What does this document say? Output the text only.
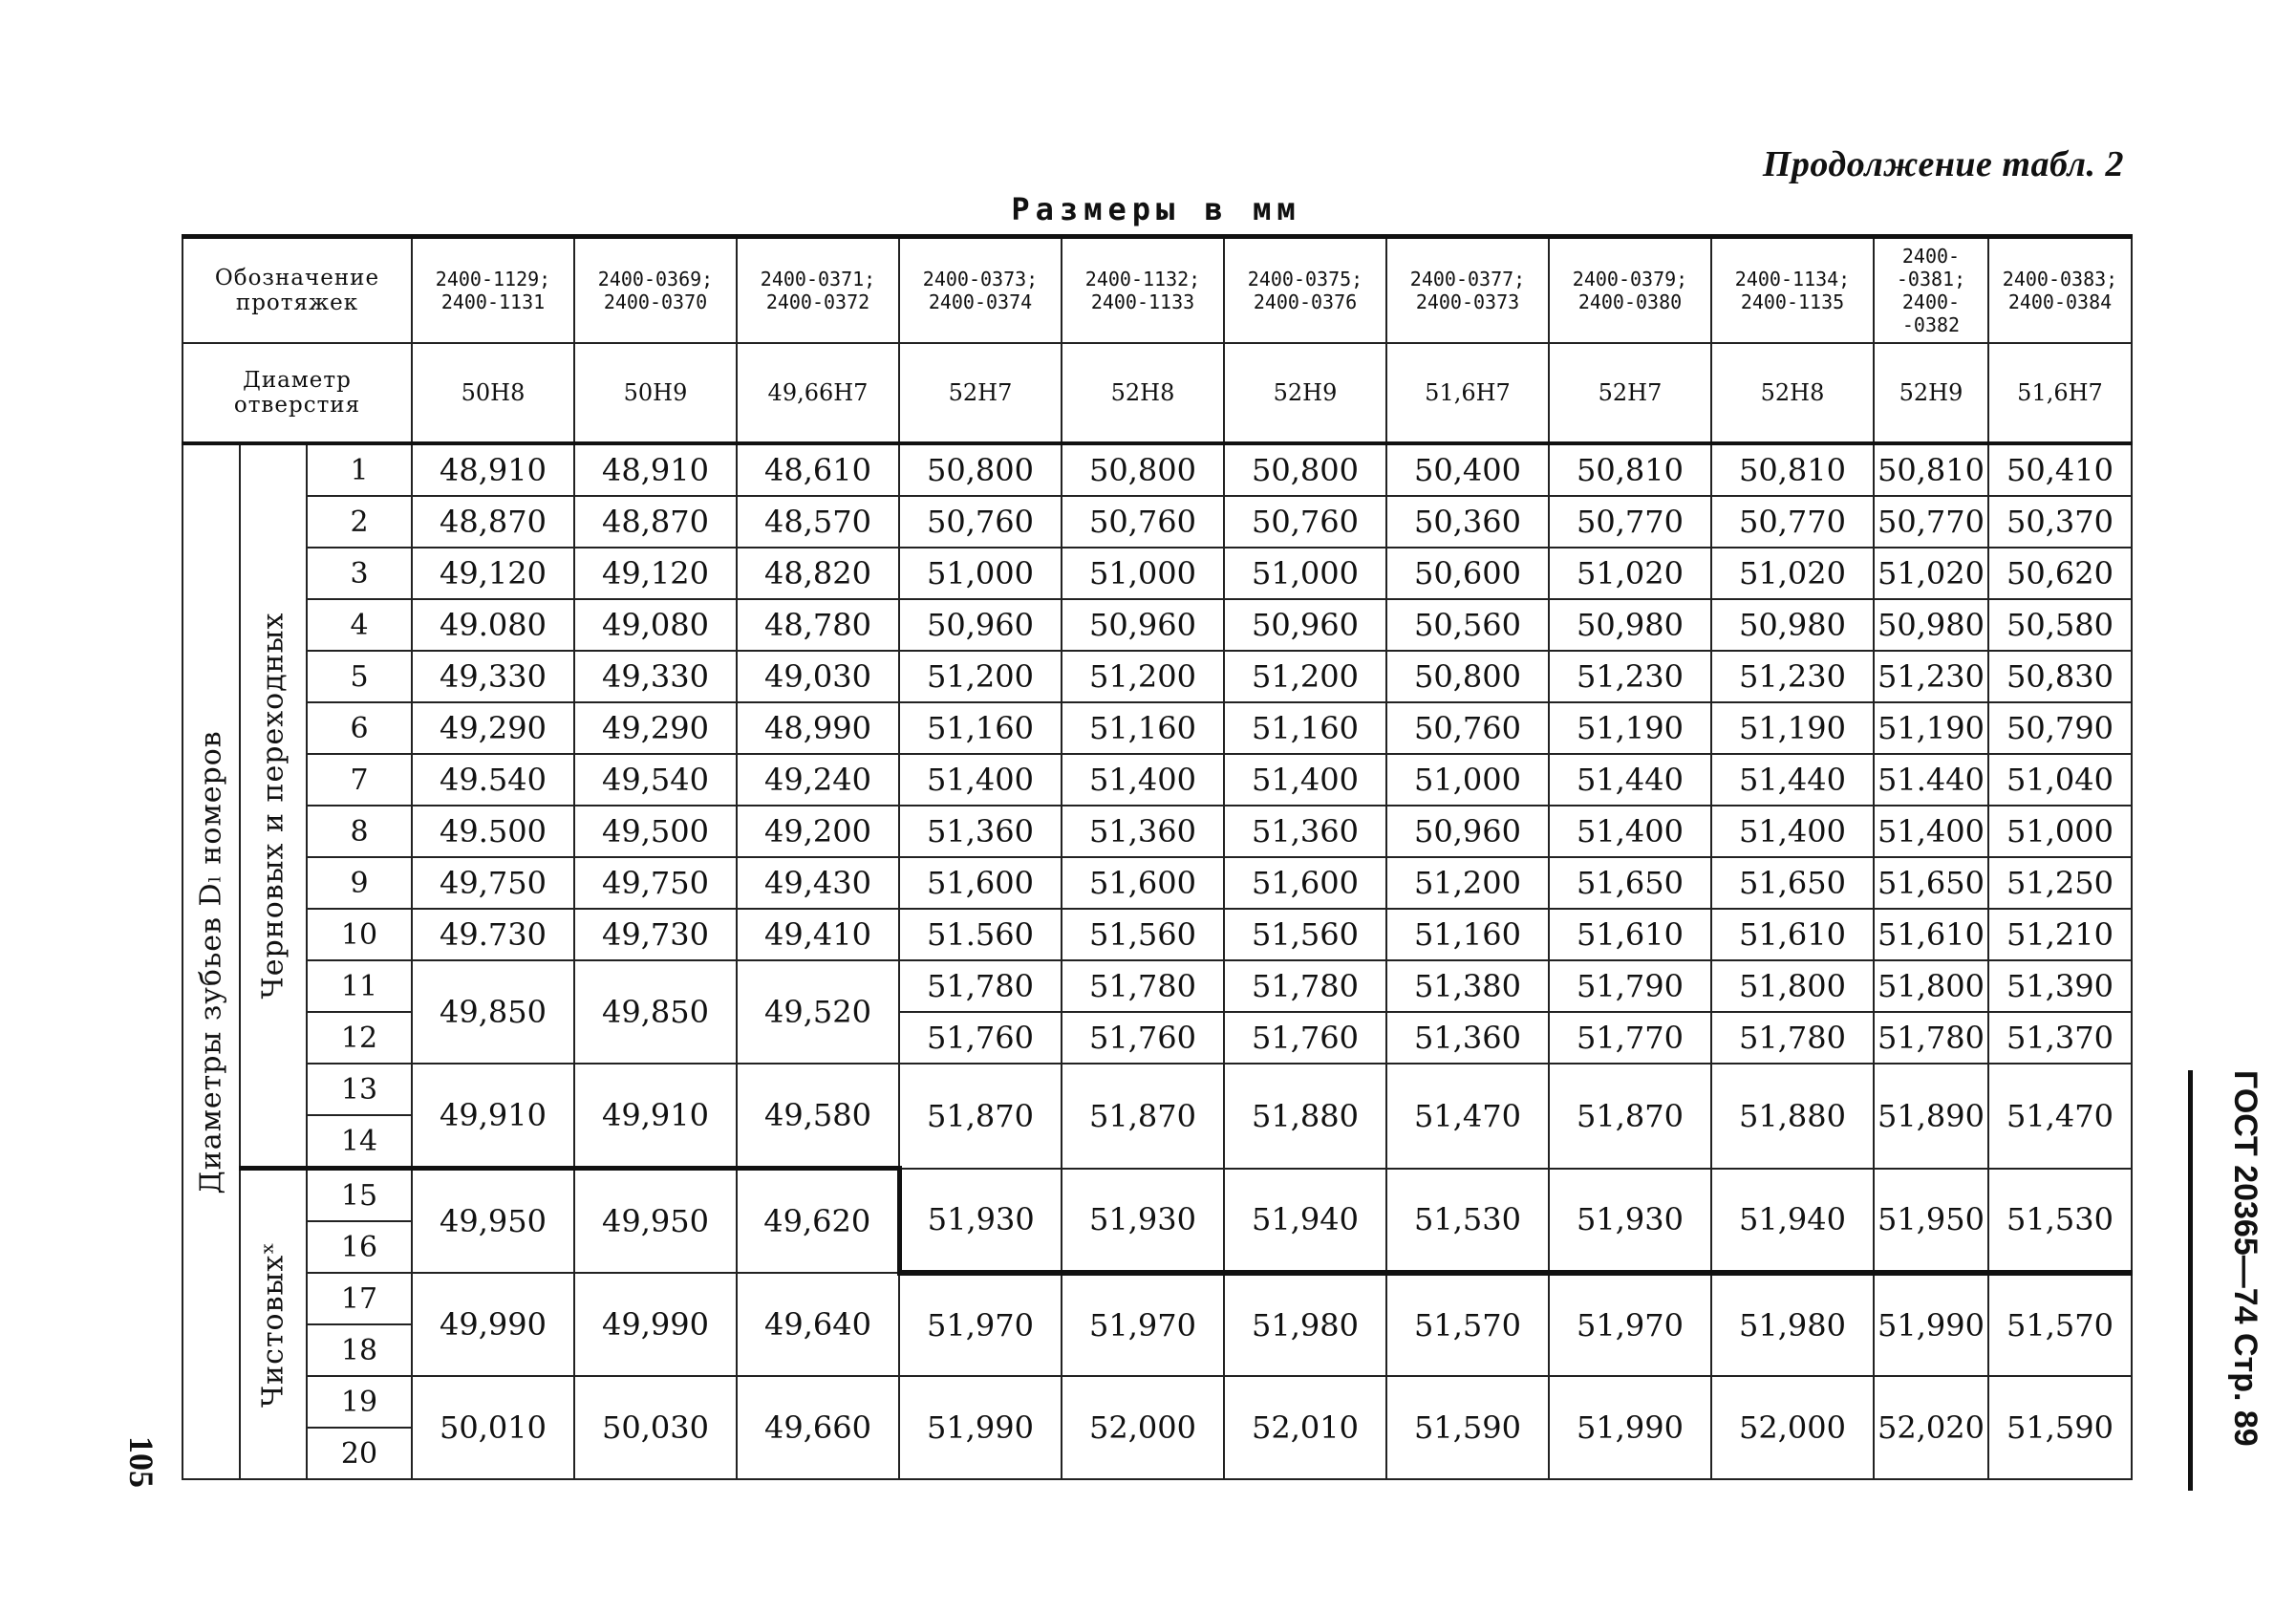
Продолжение табл. 2
Размеры в мм
Обозначение протяжек			2400-1129; 2400-1131	2400-0369; 2400-0370	2400-0371; 2400-0372	2400-0373; 2400-0374	2400-1132; 2400-1133	2400-0375; 2400-0376	2400-0377; 2400-0373	2400-0379; 2400-0380	2400-1134; 2400-1135	2400- -0381; 2400- -0382	2400-0383; 2400-0384
Диаметр отверстия			50H8	50H9	49,66H7	52H7	52H8	52H9	51,6H7	52H7	52H8	52H9	51,6H7

Диаметры зубьев Dₗ номеров	Черновых и переходных	1	48,910	48,910	48,610	50,800	50,800	50,800	50,400	50,810	50,810	50,810	50,410
		2	48,870	48,870	48,570	50,760	50,760	50,760	50,360	50,770	50,770	50,770	50,370
		3	49,120	49,120	48,820	51,000	51,000	51,000	50,600	51,020	51,020	51,020	50,620
		4	49.080	49,080	48,780	50,960	50,960	50,960	50,560	50,980	50,980	50,980	50,580
		5	49,330	49,330	49,030	51,200	51,200	51,200	50,800	51,230	51,230	51,230	50,830
		6	49,290	49,290	48,990	51,160	51,160	51,160	50,760	51,190	51,190	51,190	50,790
		7	49.540	49,540	49,240	51,400	51,400	51,400	51,000	51,440	51,440	51.440	51,040
		8	49.500	49,500	49,200	51,360	51,360	51,360	50,960	51,400	51,400	51,400	51,000
		9	49,750	49,750	49,430	51,600	51,600	51,600	51,200	51,650	51,650	51,650	51,250
		10	49.730	49,730	49,410	51.560	51,560	51,560	51,160	51,610	51,610	51,610	51,210
		11	49,850	49,850	49,520	51,780	51,780	51,780	51,380	51,790	51,800	51,800	51,390
		12				51,760	51,760	51,760	51,360	51,770	51,780	51,780	51,370
		13	49,910	49,910	49,580	51,870	51,870	51,880	51,470	51,870	51,880	51,890	51,470
		14											

	Чистовыхˣ	15	49,950	49,950	49,620	51,930	51,930	51,940	51,530	51,930	51,940	51,950	51,530
		16											
		17	49,990	49,990	49,640	51,970	51,970	51,980	51,570	51,970	51,980	51,990	51,570
		18											
		19	50,010	50,030	49,660	51,990	52,000	52,010	51,590	51,990	52,000	52,020	51,590
		20											
105
ГОСТ 20365—74 Стр. 89
